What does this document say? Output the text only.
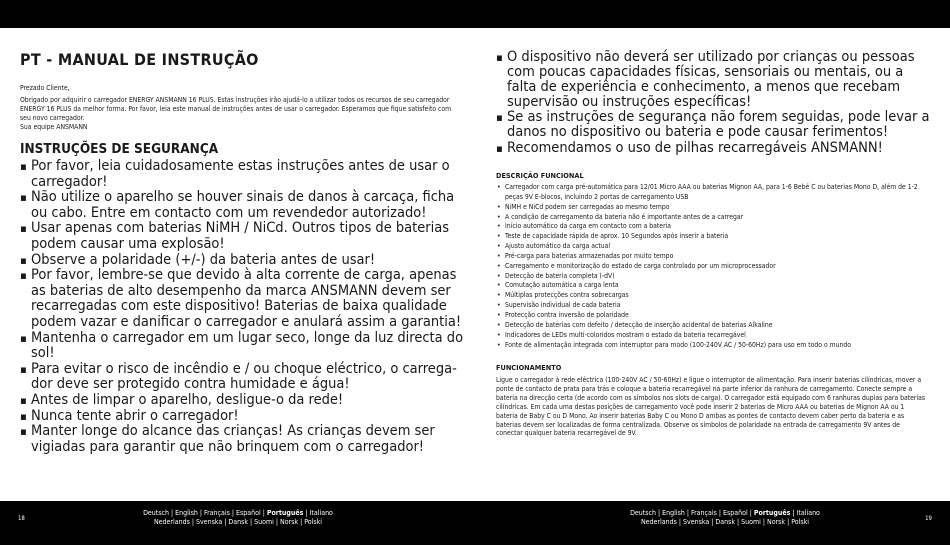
PT - MANUAL DE INSTRUÇÃO

Prezado Cliente,

Obrigado por adquirir o carregador ENERGY ANSMANN 16 PLUS. Estas instruções irão ajudá-lo a utilizar todos os recursos de seu carregador ENERGY 16 PLUS da melhor forma. Por favor, leia este manual de instruções antes de usar o carregador. Esperamos que fique satisfeito com seu novo carregador.

Sua equipe ANSMANN

INSTRUÇÕES DE SEGURANÇA
▪ Por favor, leia cuidadosamente estas instruções antes de usar o carregador!
▪ Não utilize o aparelho se houver sinais de danos à carcaça, ficha ou cabo. Entre em contacto com um revendedor autorizado!
▪ Usar apenas com baterias NiMH / NiCd. Outros tipos de baterias podem causar uma explosão!
▪ Observe a polaridade (+/-) da bateria antes de usar!
▪ Por favor, lembre-se que devido à alta corrente de carga, apenas as baterias de alto desempenho da marca ANSMANN devem ser recarregadas com este dispositivo! Baterias de baixa qualidade podem vazar e danificar o carregador e anulará assim a garantia!
▪ Mantenha o carregador em um lugar seco, longe da luz directa do sol!
▪ Para evitar o risco de incêndio e / ou choque eléctrico, o carrega-dor deve ser protegido contra humidade e água!
▪ Antes de limpar o aparelho, desligue-o da rede!
▪ Nunca tente abrir o carregador!
▪ Manter longe do alcance das crianças! As crianças devem ser vigiadas para garantir que não brinquem com o carregador!
▪ O dispositivo não deverá ser utilizado por crianças ou pessoas com poucas capacidades físicas, sensoriais ou mentais, ou a falta de experiência e conhecimento, a menos que recebam supervisão ou instruções específicas!
▪ Se as instruções de segurança não forem seguidas, pode levar a danos no dispositivo ou bateria e pode causar ferimentos!
▪ Recomendamos o uso de pilhas recarregáveis ANSMANN!
DESCRIÇÃO FUNCIONAL
• Carregador com carga pré-automática para 12/01 Micro AAA ou baterias Mignon AA, para 1-6 Bebé C ou baterias Mono D, além de 1-2 peças 9V E-blocos, incluindo 2 portas de carregamento USB
• NiMH e NiCd podem ser carregadas ao mesmo tempo
• A condição de carregamento da bateria não é importante antes de a carregar
• Início automático da carga em contacto com a bateria
• Teste de capacidade rápida de aprox. 10 Segundos após inserir a bateria
• Ajusto automático da carga actual
• Pré-carga para baterias armazenadas por muito tempo
• Carregamento e monitorização do estado de carga controlado por um microprocessador
• Detecção de bateria completa (-dV)
• Comutação automática a carga lenta
• Múltiplas protecções contra sobrecargas
• Supervisão individual de cada bateria
• Protecção contra inversão de polaridade
• Detecção de baterias com defeito / detecção de inserção acidental de baterias Alkaline
• Indicadores de LEDs multi-coloridos mostram o estado da bateria recarregável
• Fonte de alimentação integrada com interruptor para modo (100-240V AC / 50-60Hz) para uso em todo o mundo
FUNCIONAMENTO

Ligue o carregador à rede eléctrica (100-240V AC / 50-60Hz) e ligue o interruptor de alimentação. Para inserir baterias cilíndricas, mover a ponte de contacto de prata para trás e coloque a bateria recarregável na parte inferior da ranhura de carregamento. Conecte sempre a bateria na direcção certa (de acordo com os símbolos nos slots de carga). O carregador está equipado com 6 ranhuras duplas para baterias cilíndricas. Em cada uma destas posições de carregamento você pode inserir 2 baterias de Micro AAA ou baterias de Mignon AA ou 1 bateria de Baby C ou D Mono. Ao inserir baterias Baby C ou Mono D ambas as pontes de contacto devem caber perto da bateria e as baterias devem ser localizadas de forma centralizada. Observe os símbolos de polaridade na entrada de carregamento 9V antes de conectar qualquer bateria recarregável de 9V.

18
Deutsch | English | Français | Español | Português | Italiano
Nederlands | Svenska | Dansk | Suomi | Norsk | Polski
Deutsch | English | Français | Español | Português | Italiano
Nederlands | Svenska | Dansk | Suomi | Norsk | Polski	19
